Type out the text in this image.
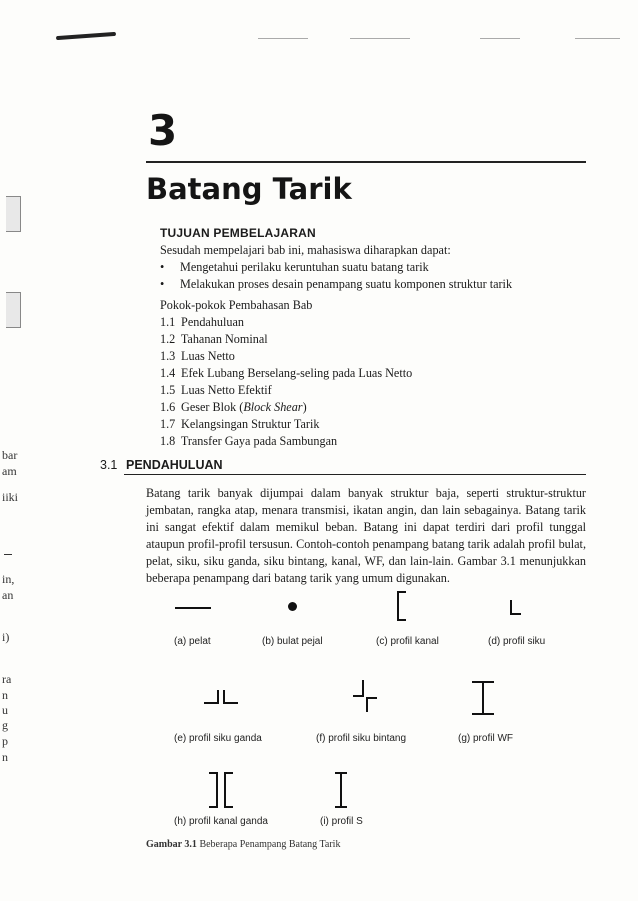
bar
am
iiki
in,
an
i)
ra
n
u
g
p
n
3
Batang Tarik
TUJUAN PEMBELAJARAN
Sesudah mempelajari bab ini, mahasiswa diharapkan dapat:
• Mengetahui perilaku keruntuhan suatu batang tarik
• Melakukan proses desain penampang suatu komponen struktur tarik
Pokok-pokok Pembahasan Bab
1.1 Pendahuluan
1.2 Tahanan Nominal
1.3 Luas Netto
1.4 Efek Lubang Berselang-seling pada Luas Netto
1.5 Luas Netto Efektif
1.6 Geser Blok (Block Shear)
1.7 Kelangsingan Struktur Tarik
1.8 Transfer Gaya pada Sambungan
3.1 PENDAHULUAN
Batang tarik banyak dijumpai dalam banyak struktur baja, seperti struktur-struktur jembatan, rangka atap, menara transmisi, ikatan angin, dan lain sebagainya. Batang tarik ini sangat efektif dalam memikul beban. Batang ini dapat terdiri dari profil tunggal ataupun profil-profil tersusun. Contoh-contoh penampang batang tarik adalah profil bulat, pelat, siku, siku ganda, siku bintang, kanal, WF, dan lain-lain. Gambar 3.1 menunjukkan beberapa penampang dari batang tarik yang umum digunakan.
(a) pelat	(b) bulat pejal	(c) profil kanal	(d) profil siku
(e) profil siku ganda	(f) profil siku bintang	(g) profil WF
(h) profil kanal ganda	(i) profil S
Gambar 3.1 Beberapa Penampang Batang Tarik
